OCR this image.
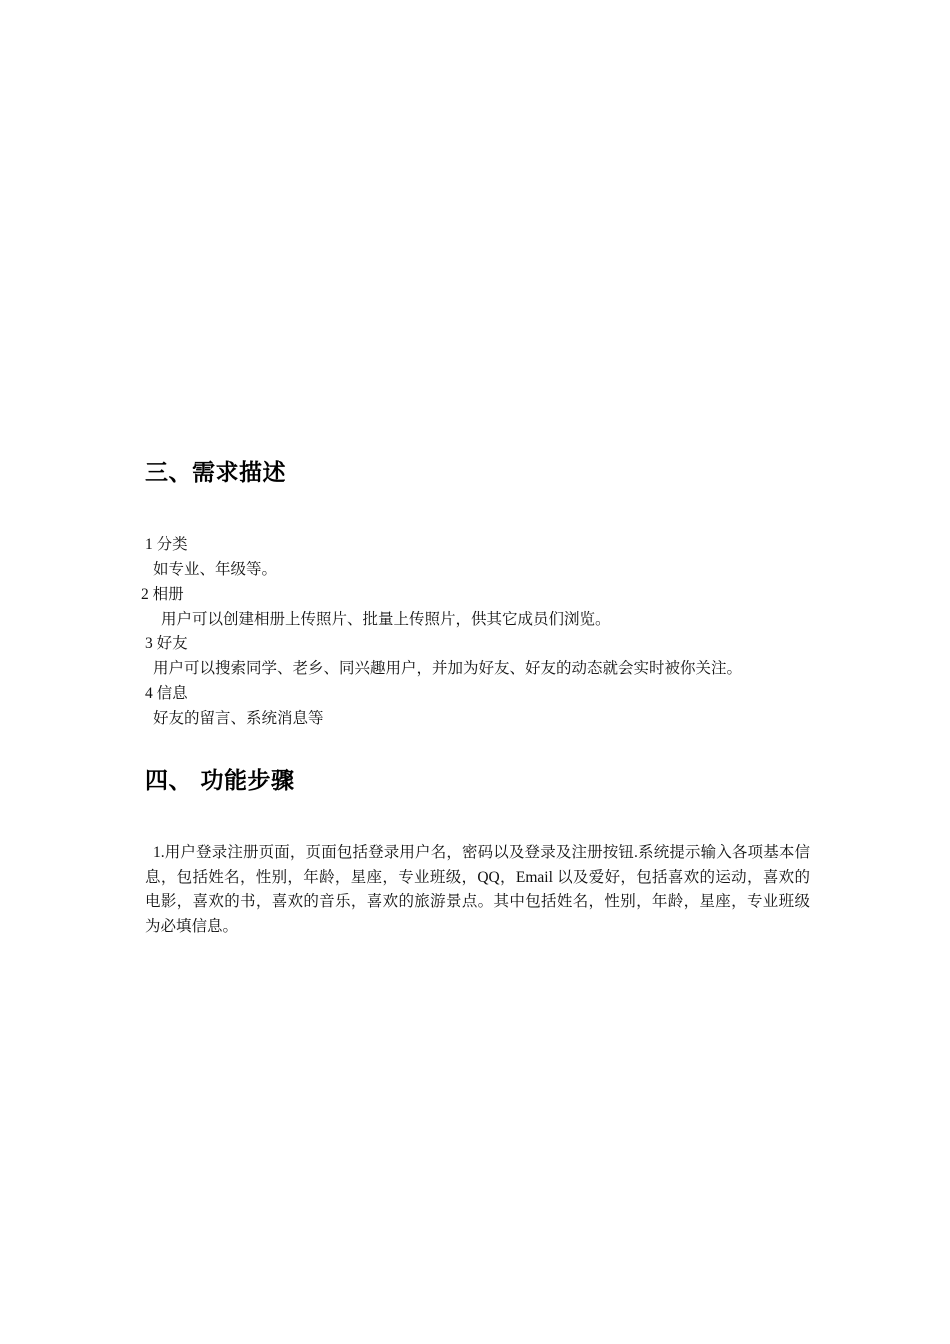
三、需求描述
1 分类
如专业、年级等。
2 相册
用户可以创建相册上传照片、批量上传照片，供其它成员们浏览。
3 好友
用户可以搜索同学、老乡、同兴趣用户，并加为好友、好友的动态就会实时被你关注。
4 信息
好友的留言、系统消息等
四、 功能步骤
1.用户登录注册页面，页面包括登录用户名，密码以及登录及注册按钮.系统提示输入各项基本信息，包括姓名，性别，年龄，星座，专业班级，QQ，Email 以及爱好，包括喜欢的运动，喜欢的电影，喜欢的书，喜欢的音乐，喜欢的旅游景点。其中包括姓名，性别，年龄，星座，专业班级为必填信息。
